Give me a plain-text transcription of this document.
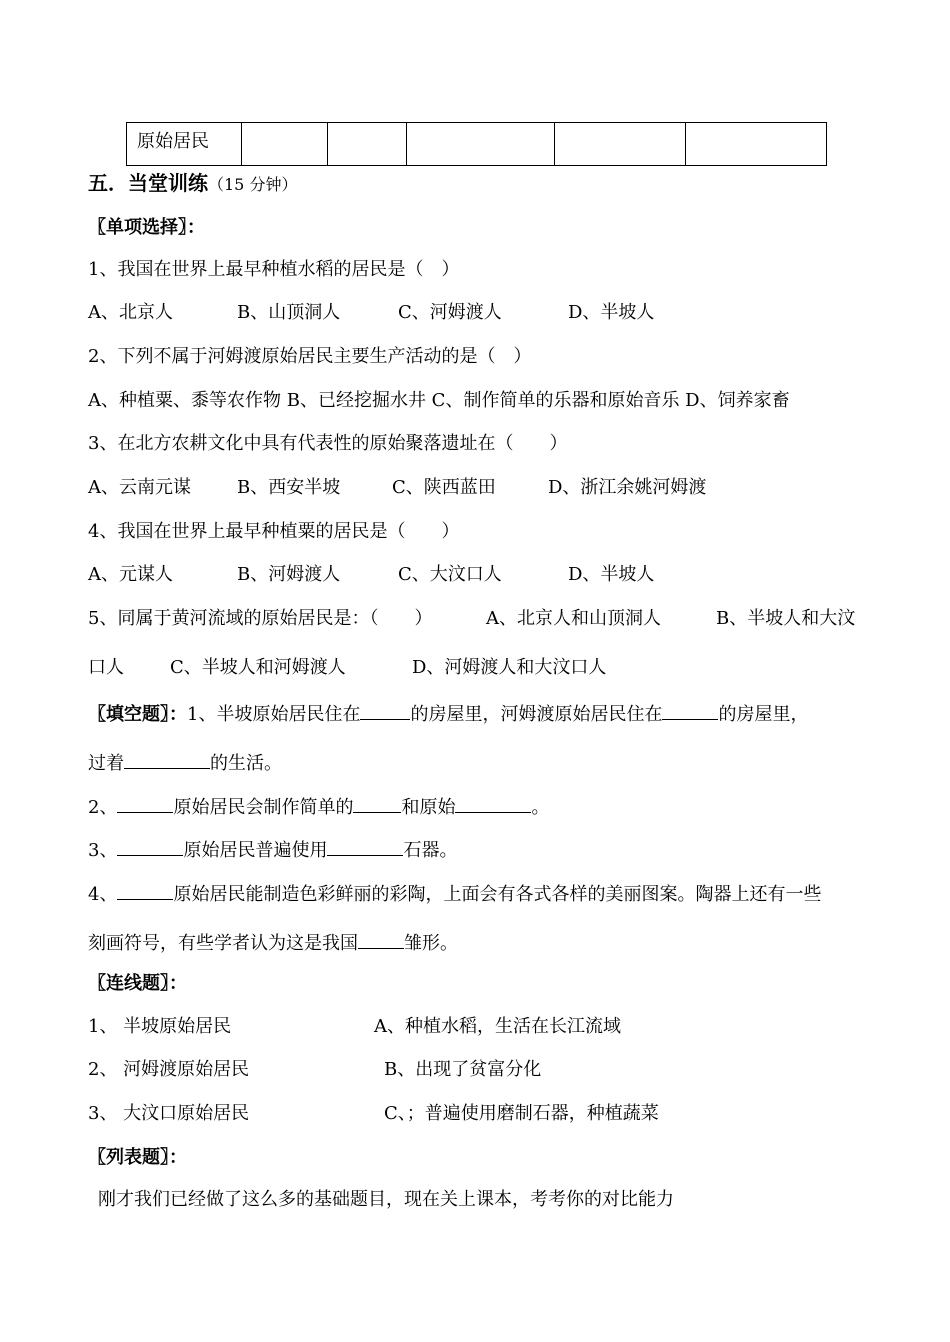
原始居民

五．当堂训练（15 分钟）
〖单项选择〗：
1、我国在世界上最早种植水稻的居民是（　）
A、北京人	B、山顶洞人	C、河姆渡人	D、半坡人
2、下列不属于河姆渡原始居民主要生产活动的是（　）
A、种植粟、黍等农作物 B、已经挖掘水井 C、制作简单的乐器和原始音乐 D、饲养家畜
3、在北方农耕文化中具有代表性的原始聚落遗址在（　　）
A、云南元谋	B、西安半坡	C、陕西蓝田	D、浙江余姚河姆渡
4、我国在世界上最早种植粟的居民是（　　）
A、元谋人	B、河姆渡人	C、大汶口人	D、半坡人
5、同属于黄河流域的原始居民是：（　　）	A、北京人和山顶洞人	B、半坡人和大汶
口人	C、半坡人和河姆渡人	D、河姆渡人和大汶口人
〖填空题〗：1、半坡原始居民住在	的房屋里，河姆渡原始居民住在	的房屋里，
过着	的生活。
2、	原始居民会制作简单的	和原始	。
3、	原始居民普遍使用	石器。
4、	原始居民能制造色彩鲜丽的彩陶，上面会有各式各样的美丽图案。陶器上还有一些
刻画符号，有些学者认为这是我国	雏形。
〖连线题〗：
1、 半坡原始居民	A、种植水稻，生活在长江流域
2、 河姆渡原始居民	B、出现了贫富分化
3、 大汶口原始居民	C、；普遍使用磨制石器，种植蔬菜
〖列表题〗：
刚才我们已经做了这么多的基础题目，现在关上课本，考考你的对比能力
